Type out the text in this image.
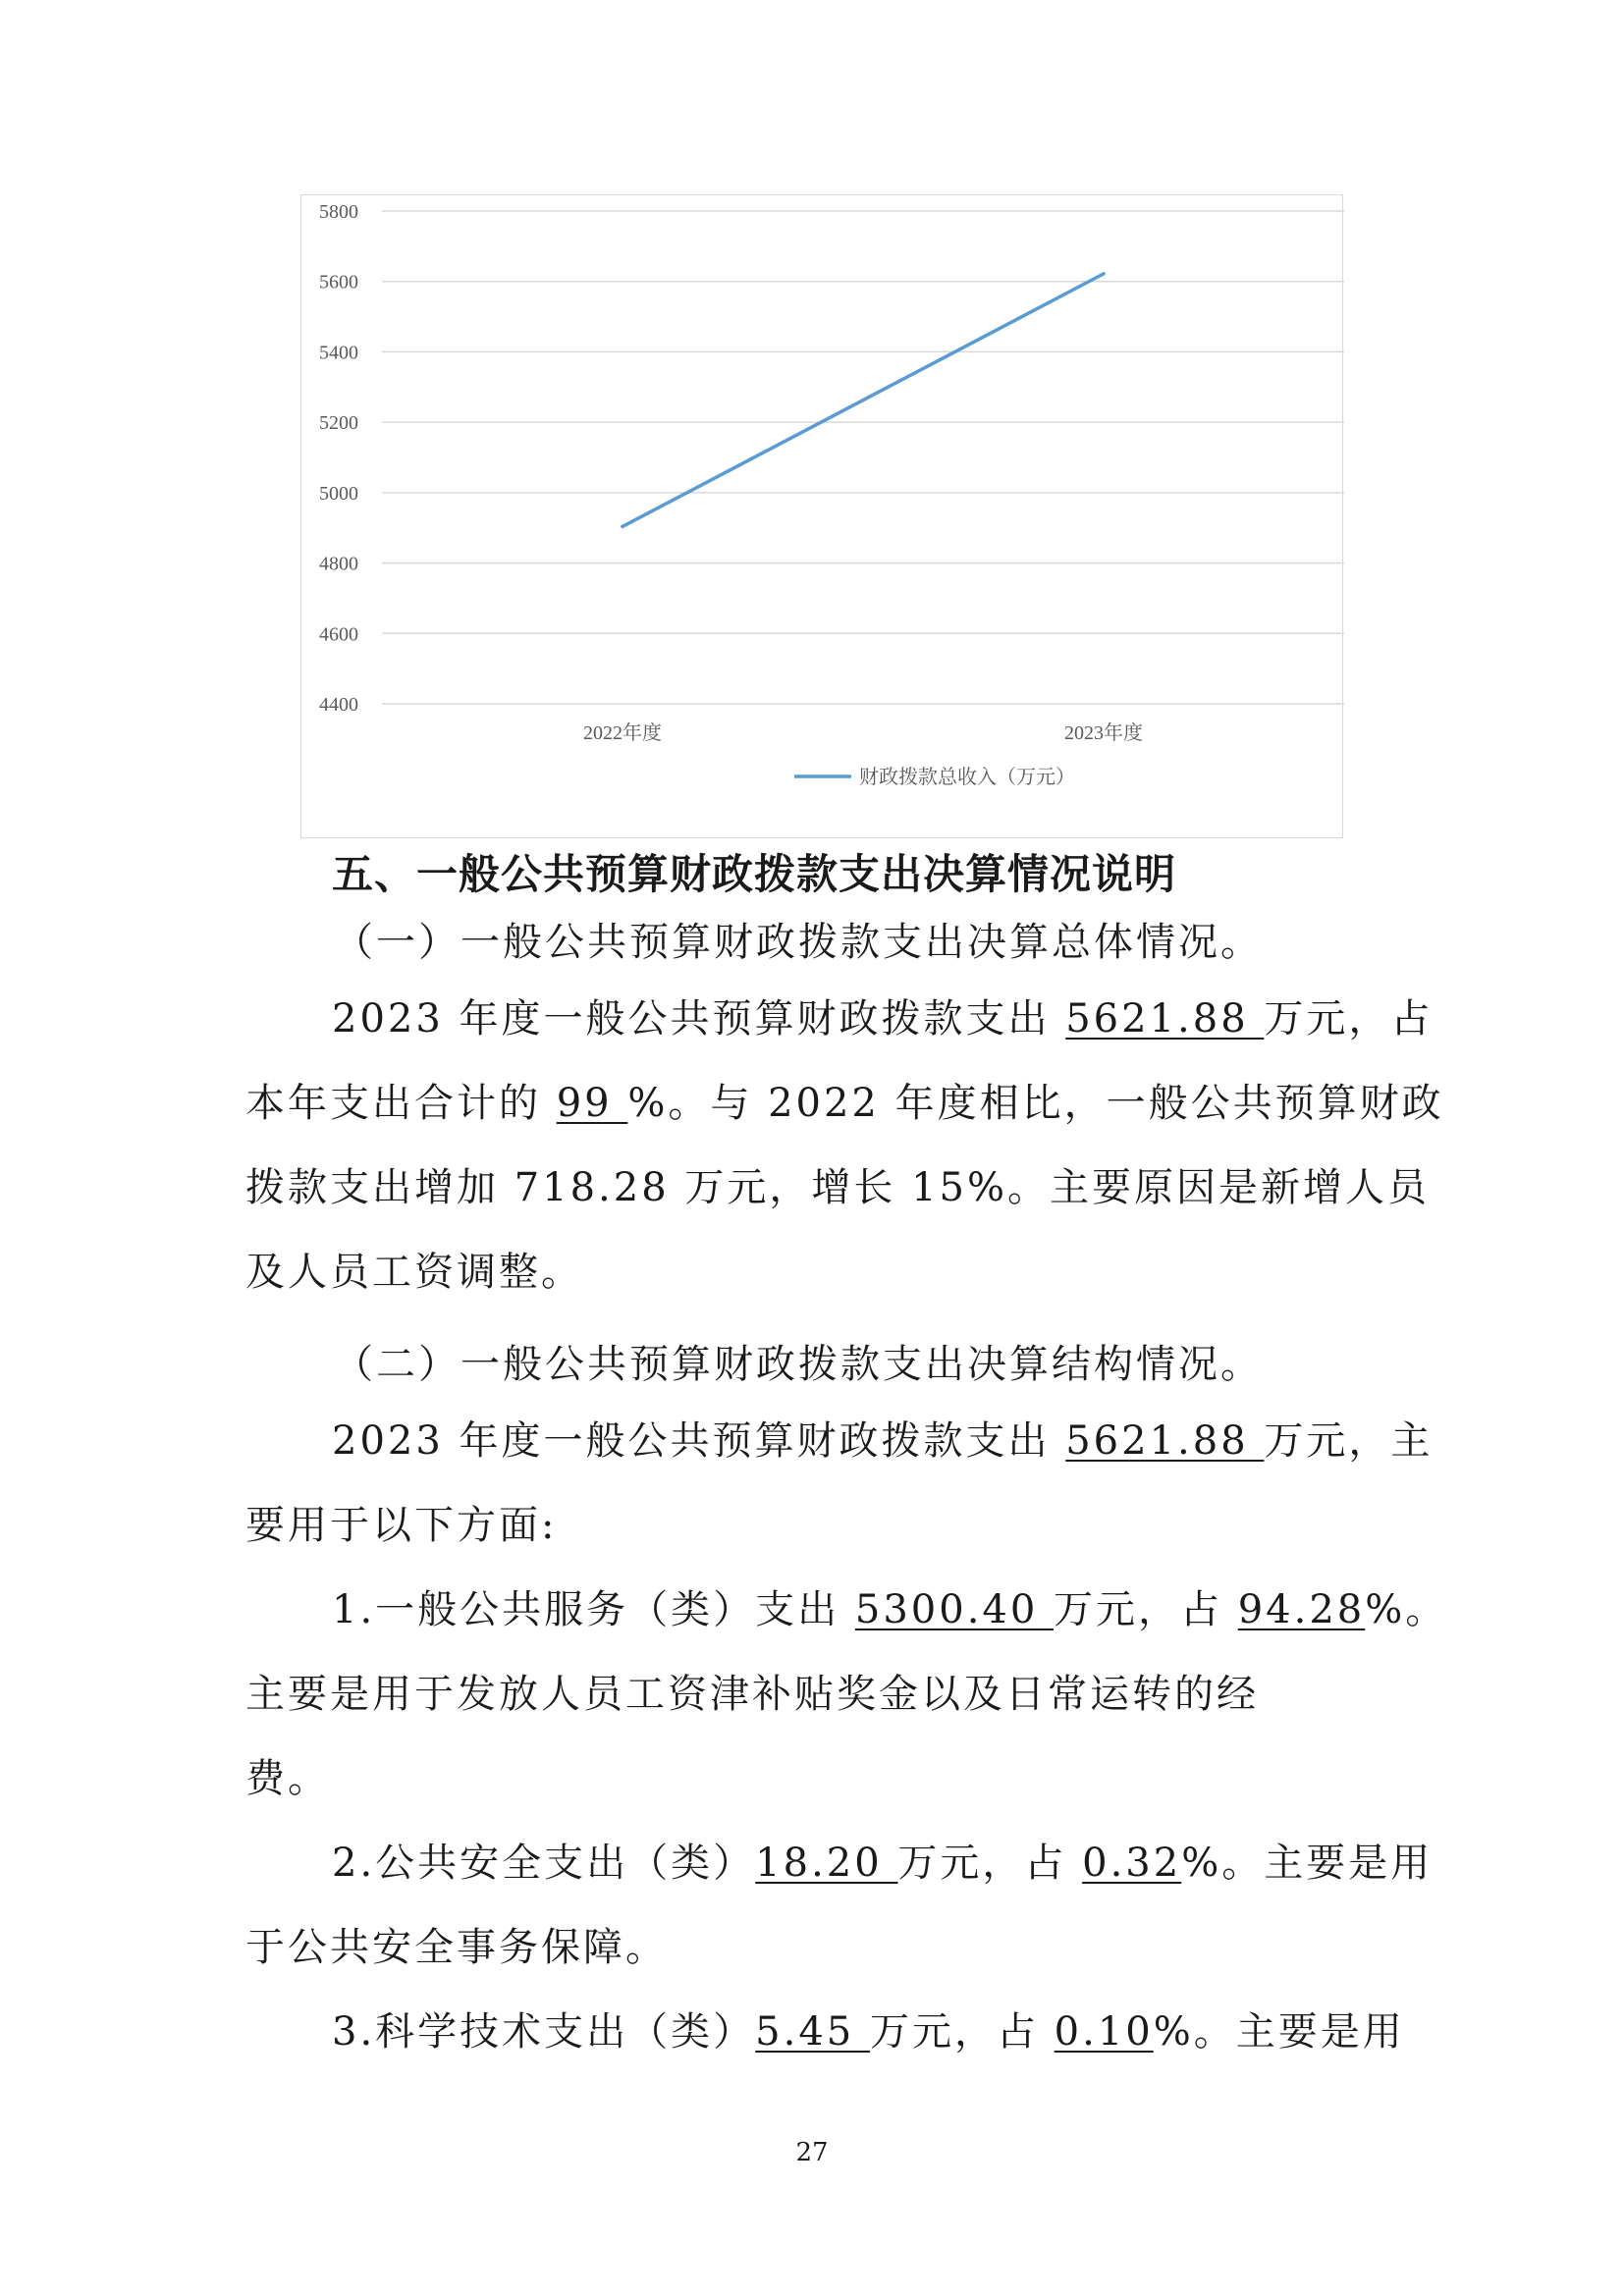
4400
4600
4800
5000
5200
5400
5600
5800
2022年度	2023年度
财政拨款总收入（万元）
五、一般公共预算财政拨款支出决算情况说明
（一）一般公共预算财政拨款支出决算总体情况。
2023 年度一般公共预算财政拨款支出 5621.88 万元，占
本年支出合计的 99 %。与 2022 年度相比，一般公共预算财政
拨款支出增加 718.28 万元，增长 15%。主要原因是新增人员
及人员工资调整。
（二）一般公共预算财政拨款支出决算结构情况。
2023 年度一般公共预算财政拨款支出 5621.88 万元，主
要用于以下方面:
1.一般公共服务（类）支出 5300.40 万元，占 94.28%。
主要是用于发放人员工资津补贴奖金以及日常运转的经
费。
2.公共安全支出（类）18.20 万元，占 0.32%。主要是用
于公共安全事务保障。
3.科学技术支出（类）5.45 万元，占 0.10%。主要是用
27
